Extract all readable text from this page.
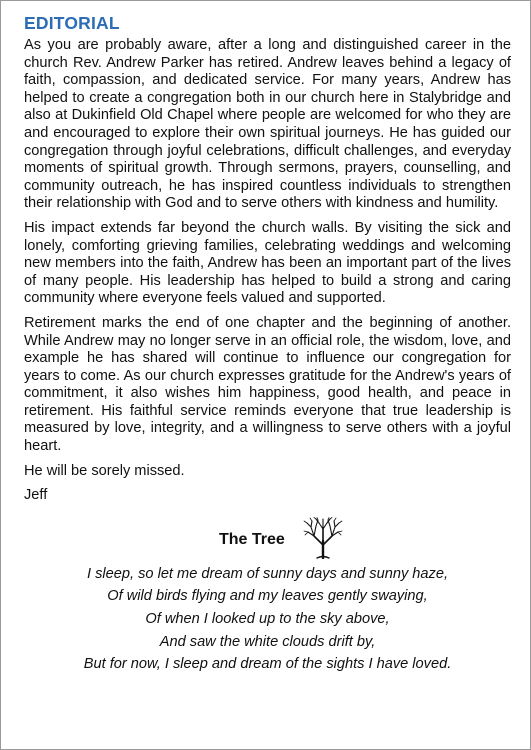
EDITORIAL

As you are probably aware, after a long and distinguished career in the church Rev. Andrew Parker has retired. Andrew leaves behind a legacy of faith, compassion, and dedicated service. For many years, Andrew has helped to create a congregation both in our church here in Stalybridge and also at Dukinfield Old Chapel where people are welcomed for who they are and encouraged to explore their own spiritual journeys. He has guided our congregation through joyful celebrations, difficult challenges, and everyday moments of spiritual growth. Through sermons, prayers, counselling, and community outreach, he has inspired countless individuals to strengthen their relationship with God and to serve others with kindness and humility.

His impact extends far beyond the church walls. By visiting the sick and lonely, comforting grieving families, celebrating weddings and welcoming new members into the faith, Andrew has been an important part of the lives of many people. His leadership has helped to build a strong and caring community where everyone feels valued and supported.

Retirement marks the end of one chapter and the beginning of another. While Andrew may no longer serve in an official role, the wisdom, love, and example he has shared will continue to influence our congregation for years to come. As our church expresses gratitude for the Andrew's years of commitment, it also wishes him happiness, good health, and peace in retirement. His faithful service reminds everyone that true leadership is measured by love, integrity, and a willingness to serve others with a joyful heart.

He will be sorely missed.
Jeff
The Tree
I sleep, so let me dream of sunny days and sunny haze,
Of wild birds flying and my leaves gently swaying,
Of when I looked up to the sky above,
And saw the white clouds drift by,
But for now, I sleep and dream of the sights I have loved.
